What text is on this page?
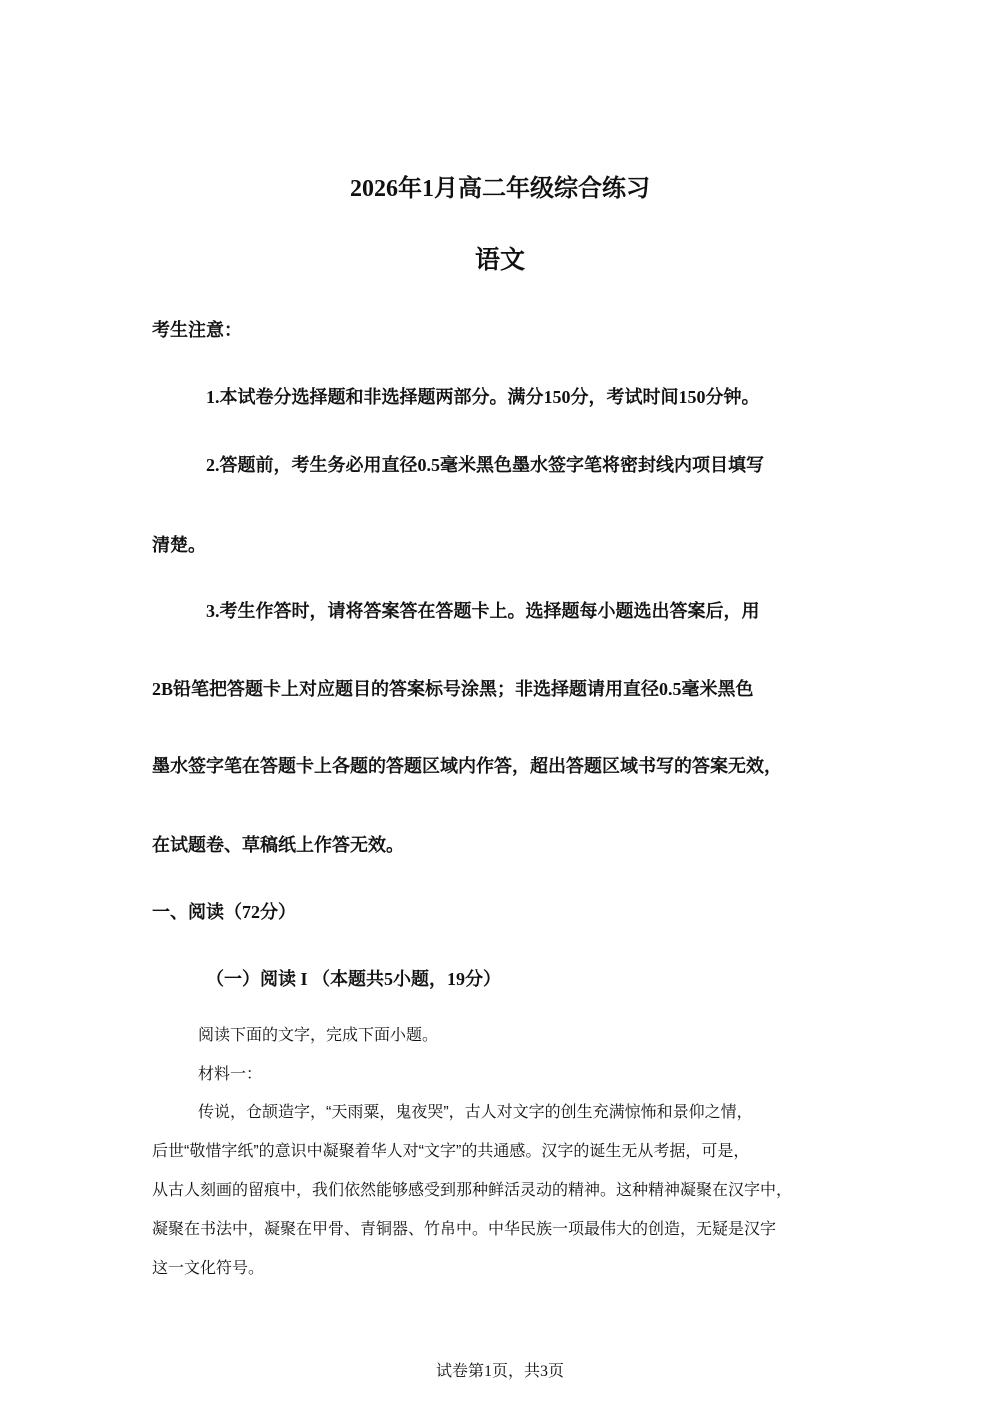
2026年1月高二年级综合练习
语文
考生注意：
1.本试卷分选择题和非选择题两部分。满分150分，考试时间150分钟。
2.答题前，考生务必用直径0.5毫米黑色墨水签字笔将密封线内项目填写
清楚。
3.考生作答时，请将答案答在答题卡上。选择题每小题选出答案后，用
2B铅笔把答题卡上对应题目的答案标号涂黑；非选择题请用直径0.5毫米黑色
墨水签字笔在答题卡上各题的答题区域内作答，超出答题区域书写的答案无效，
在试题卷、草稿纸上作答无效。
一、阅读（72分）
（一）阅读 I （本题共5小题，19分）
阅读下面的文字，完成下面小题。
材料一：
传说，仓颉造字，“天雨粟，鬼夜哭”，古人对文字的创生充满惊怖和景仰之情，
后世“敬惜字纸”的意识中凝聚着华人对“文字”的共通感。汉字的诞生无从考据，可是，
从古人刻画的留痕中，我们依然能够感受到那种鲜活灵动的精神。这种精神凝聚在汉字中，
凝聚在书法中，凝聚在甲骨、青铜器、竹帛中。中华民族一项最伟大的创造，无疑是汉字
这一文化符号。
试卷第1页，共3页
